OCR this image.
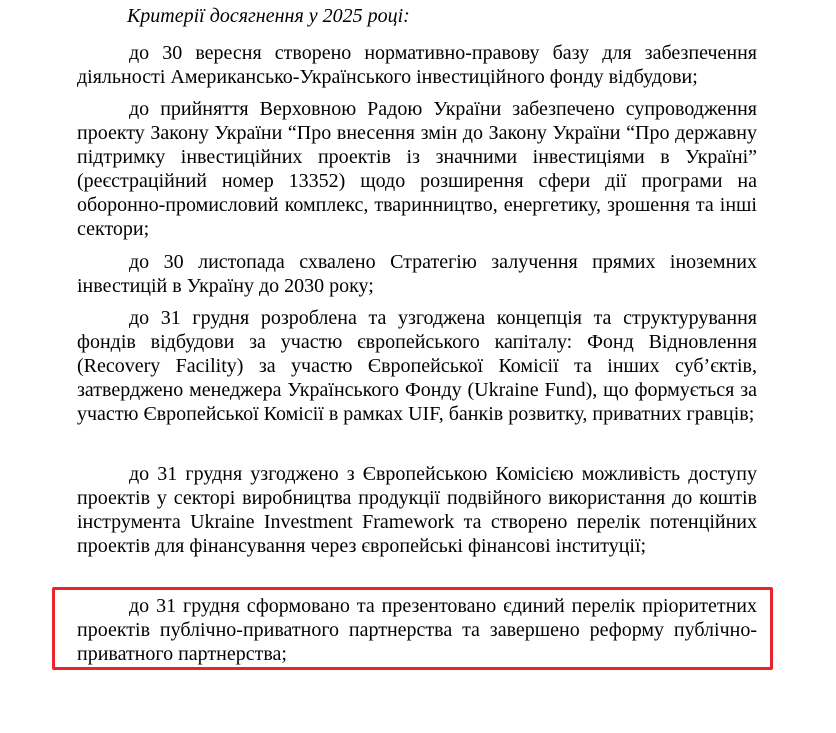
Критерії досягнення у 2025 році:

до 30 вересня створено нормативно-правову базу для забезпечення діяльності Американсько-Українського інвестиційного фонду відбудови;

до прийняття Верховною Радою України забезпечено супроводження проекту Закону України “Про внесення змін до Закону України “Про державну підтримку інвестиційних проектів із значними інвестиціями в Україні” (реєстраційний номер 13352) щодо розширення сфери дії програми на оборонно-промисловий комплекс, тваринництво, енергетику, зрошення та інші сектори;

до 30 листопада схвалено Стратегію залучення прямих іноземних інвестицій в Україну до 2030 року;

до 31 грудня розроблена та узгоджена концепція та структурування фондів відбудови за участю європейського капіталу: Фонд Відновлення (Recovery Facility) за участю Європейської Комісії та інших суб’єктів, затверджено менеджера Українського Фонду (Ukraine Fund), що формується за участю Європейської Комісії в рамках UIF, банків розвитку, приватних гравців;

до 31 грудня узгоджено з Європейською Комісією можливість доступу проектів у секторі виробництва продукції подвійного використання до коштів інструмента Ukraine Investment Framework та створено перелік потенційних проектів для фінансування через європейські фінансові інституції;

до 31 грудня сформовано та презентовано єдиний перелік пріоритетних проектів публічно-приватного партнерства та завершено реформу публічно-приватного партнерства;
